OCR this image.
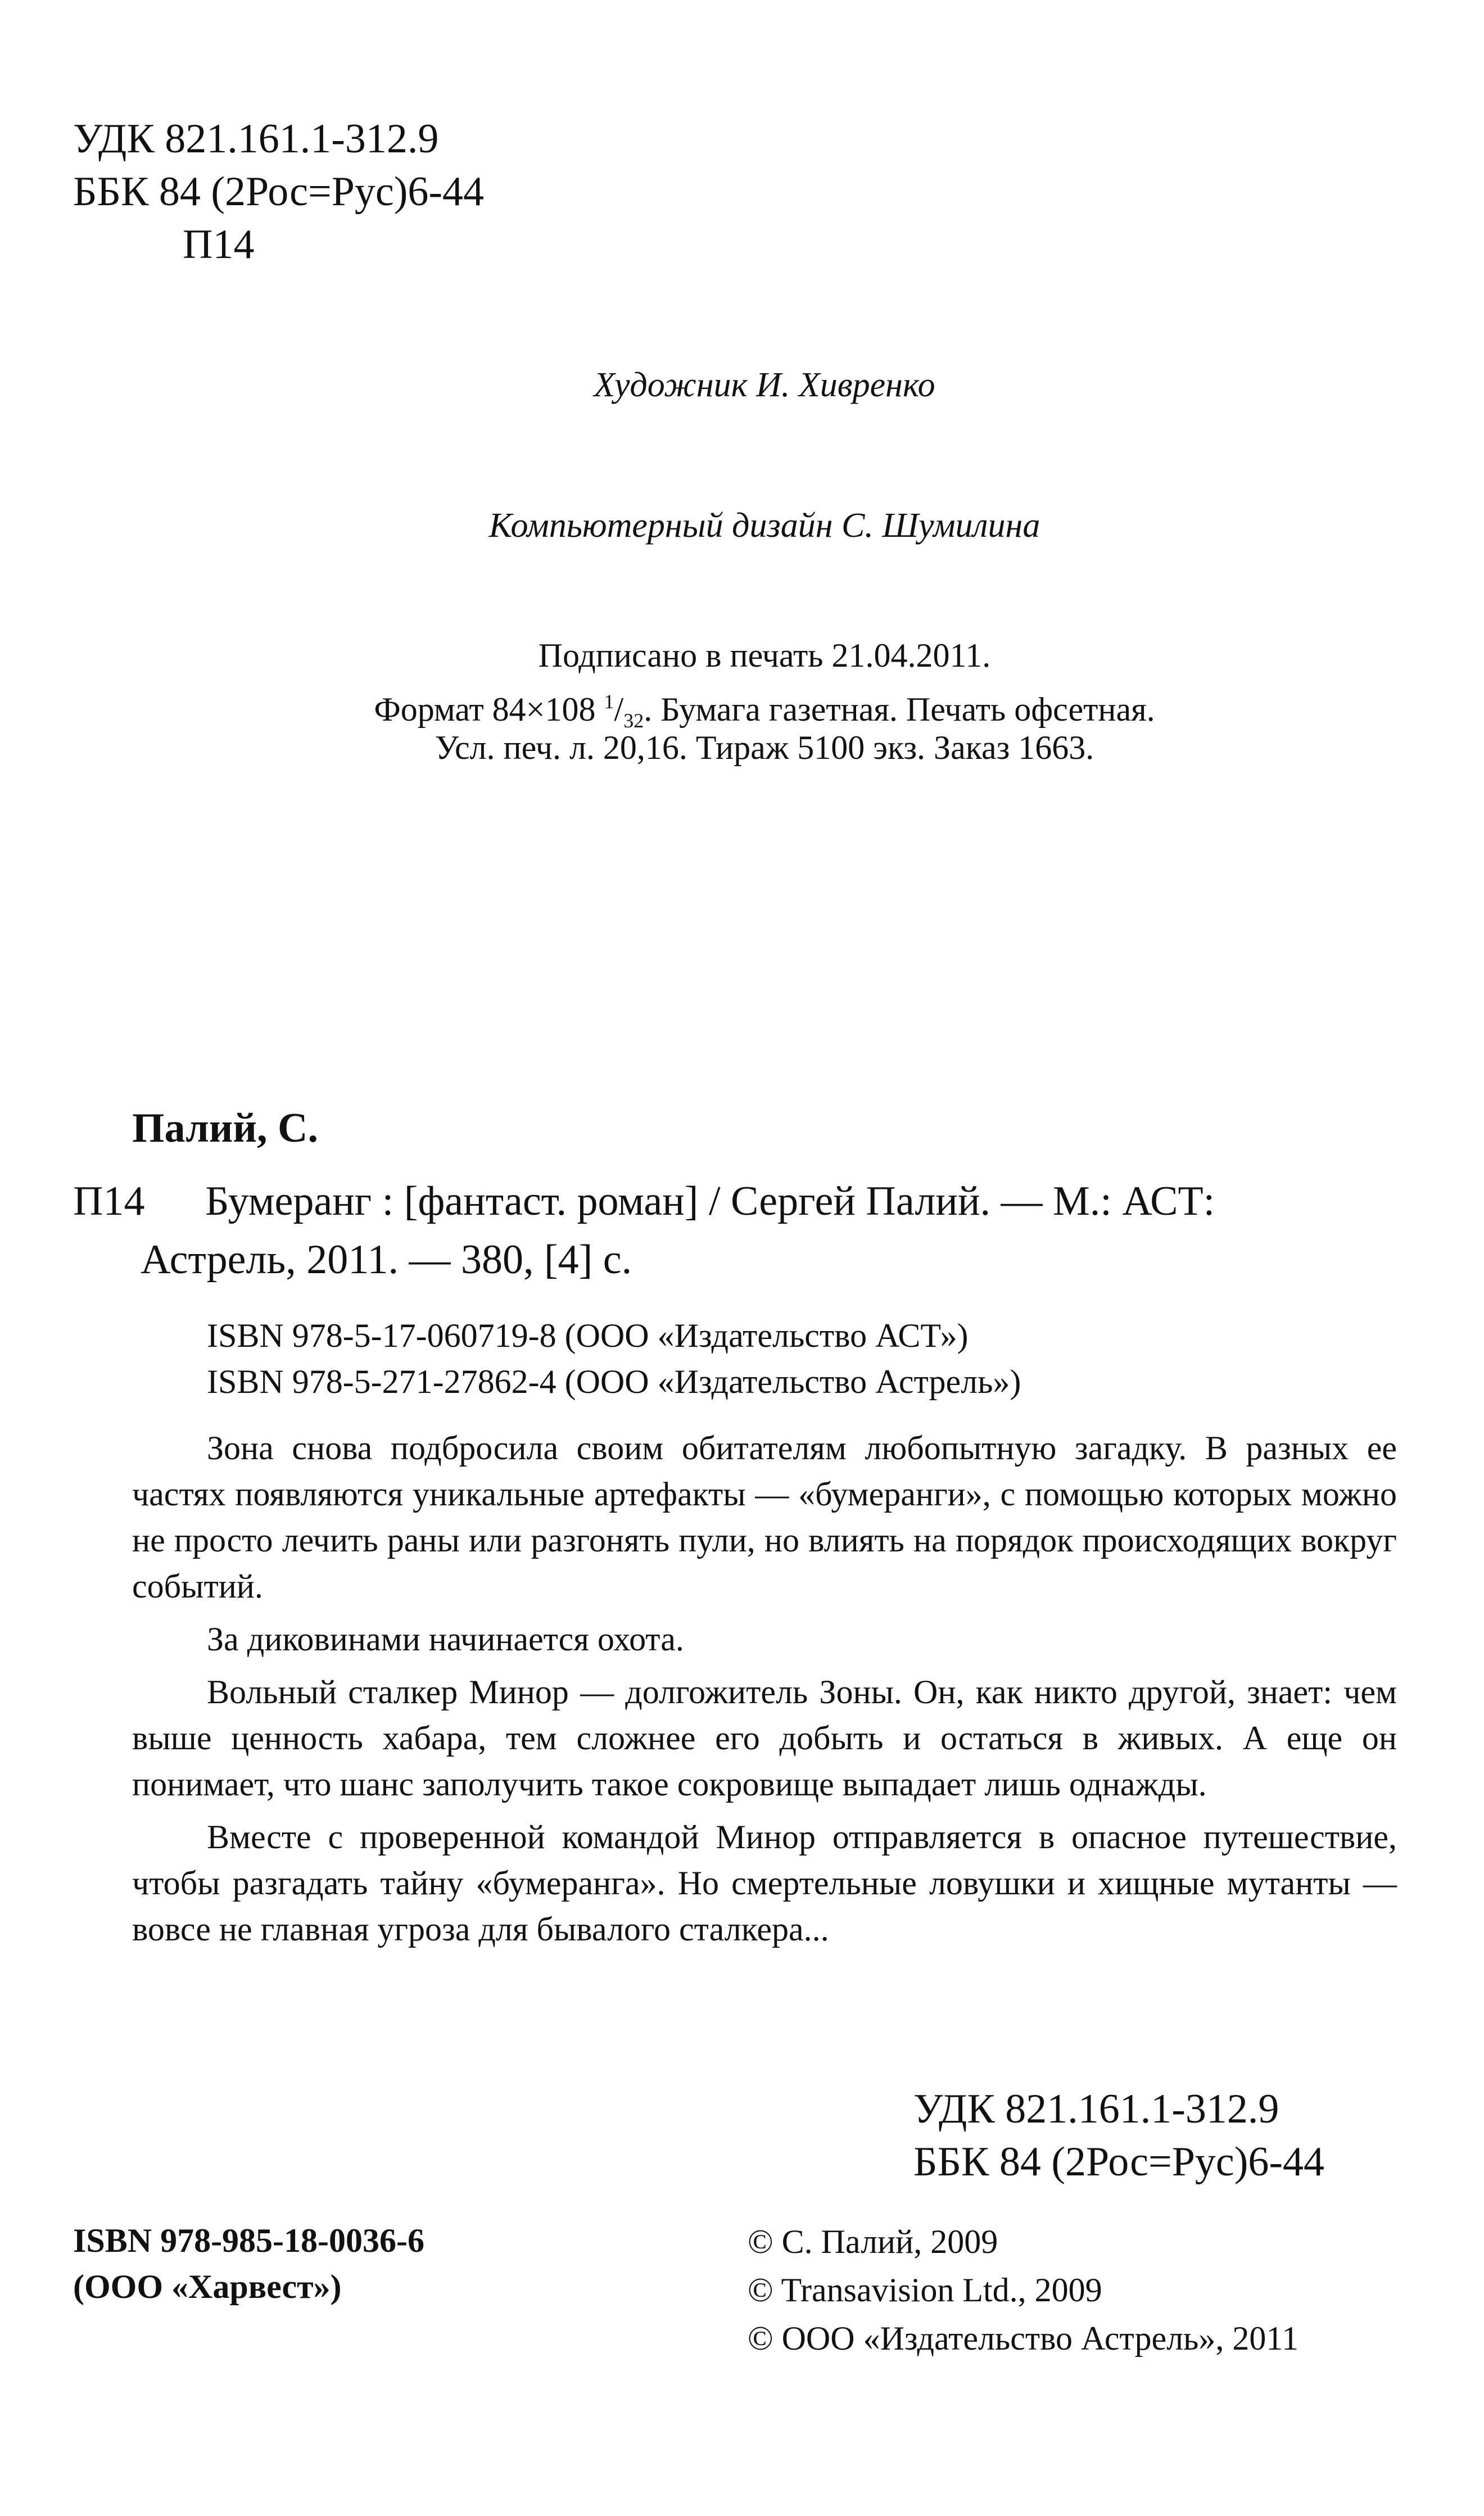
УДК 821.161.1-312.9
ББК 84 (2Рос=Рус)6-44
П14
Художник И. Хивренко
Компьютерный дизайн С. Шумилина
Подписано в печать 21.04.2011.
Формат 84×108 $^1/_{32}$. Бумага газетная. Печать офсетная.
Усл. печ. л. 20,16. Тираж 5100 экз. Заказ 1663.
Палий, С.
П14 Бумеранг : [фантаст. роман] / Сергей Палий. — М.: АСТ:
Астрель, 2011. — 380, [4] с.
ISBN 978-5-17-060719-8 (ООО «Издательство АСТ»)
ISBN 978-5-271-27862-4 (ООО «Издательство Астрель»)

Зона снова подбросила своим обитателям любопытную загадку. В разных ее частях появляются уникальные артефакты — «бумеранги», с помощью которых можно не просто лечить раны или разгонять пули, но влиять на порядок происходящих вокруг событий.

За диковинами начинается охота.

Вольный сталкер Минор — долгожитель Зоны. Он, как никто другой, знает: чем выше ценность хабара, тем сложнее его добыть и остаться в живых. А еще он понимает, что шанс заполучить такое сокровище выпадает лишь однажды.

Вместе с проверенной командой Минор отправляется в опасное путешествие, чтобы разгадать тайну «бумеранга». Но смертельные ловушки и хищные мутанты — вовсе не главная угроза для бывалого сталкера...

УДК 821.161.1-312.9
ББК 84 (2Рос=Рус)6-44
ISBN 978-985-18-0036-6
(ООО «Харвест»)
© С. Палий, 2009
© Transavision Ltd., 2009
© ООО «Издательство Астрель», 2011
